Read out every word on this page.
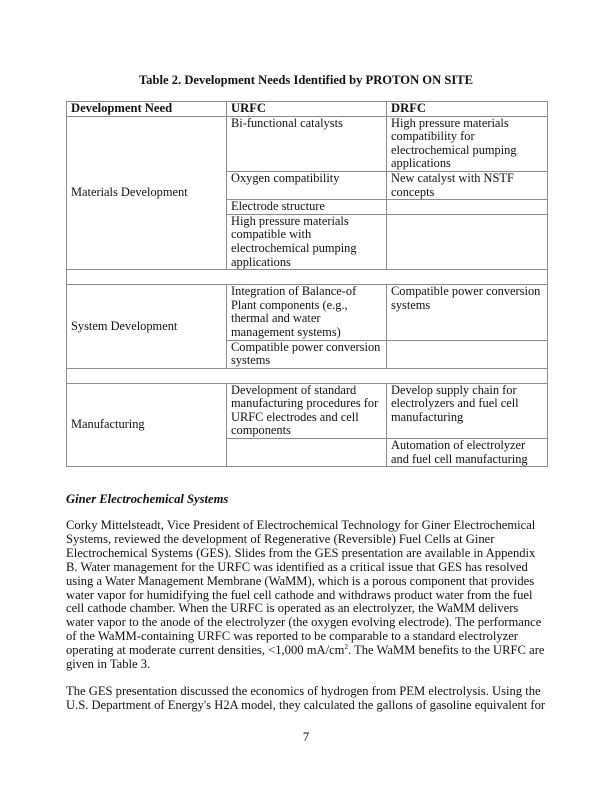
Table 2. Development Needs Identified by PROTON ON SITE
Development Need	URFC	DRFC
Materials Development	Bi-functional catalysts	High pressure materials compatibility for electrochemical pumping applications
	Oxygen compatibility	New catalyst with NSTF concepts
	Electrode structure	
	High pressure materials compatible with electrochemical pumping applications	

System Development	Integration of Balance-of Plant components (e.g., thermal and water management systems)	Compatible power conversion systems
	Compatible power conversion systems	

Manufacturing	Development of standard manufacturing procedures for URFC electrodes and cell components	Develop supply chain for electrolyzers and fuel cell manufacturing
		Automation of electrolyzer and fuel cell manufacturing
Giner Electrochemical Systems

Corky Mittelsteadt, Vice President of Electrochemical Technology for Giner Electrochemical Systems, reviewed the development of Regenerative (Reversible) Fuel Cells at Giner Electrochemical Systems (GES). Slides from the GES presentation are available in Appendix B. Water management for the URFC was identified as a critical issue that GES has resolved using a Water Management Membrane (WaMM), which is a porous component that provides water vapor for humidifying the fuel cell cathode and withdraws product water from the fuel cell cathode chamber. When the URFC is operated as an electrolyzer, the WaMM delivers water vapor to the anode of the electrolyzer (the oxygen evolving electrode). The performance of the WaMM-containing URFC was reported to be comparable to a standard electrolyzer operating at moderate current densities, <1,000 $mA/cm^2$. The WaMM benefits to the URFC are given in Table 3.

The GES presentation discussed the economics of hydrogen from PEM electrolysis. Using the U.S. Department of Energy's H2A model, they calculated the gallons of gasoline equivalent for

7
